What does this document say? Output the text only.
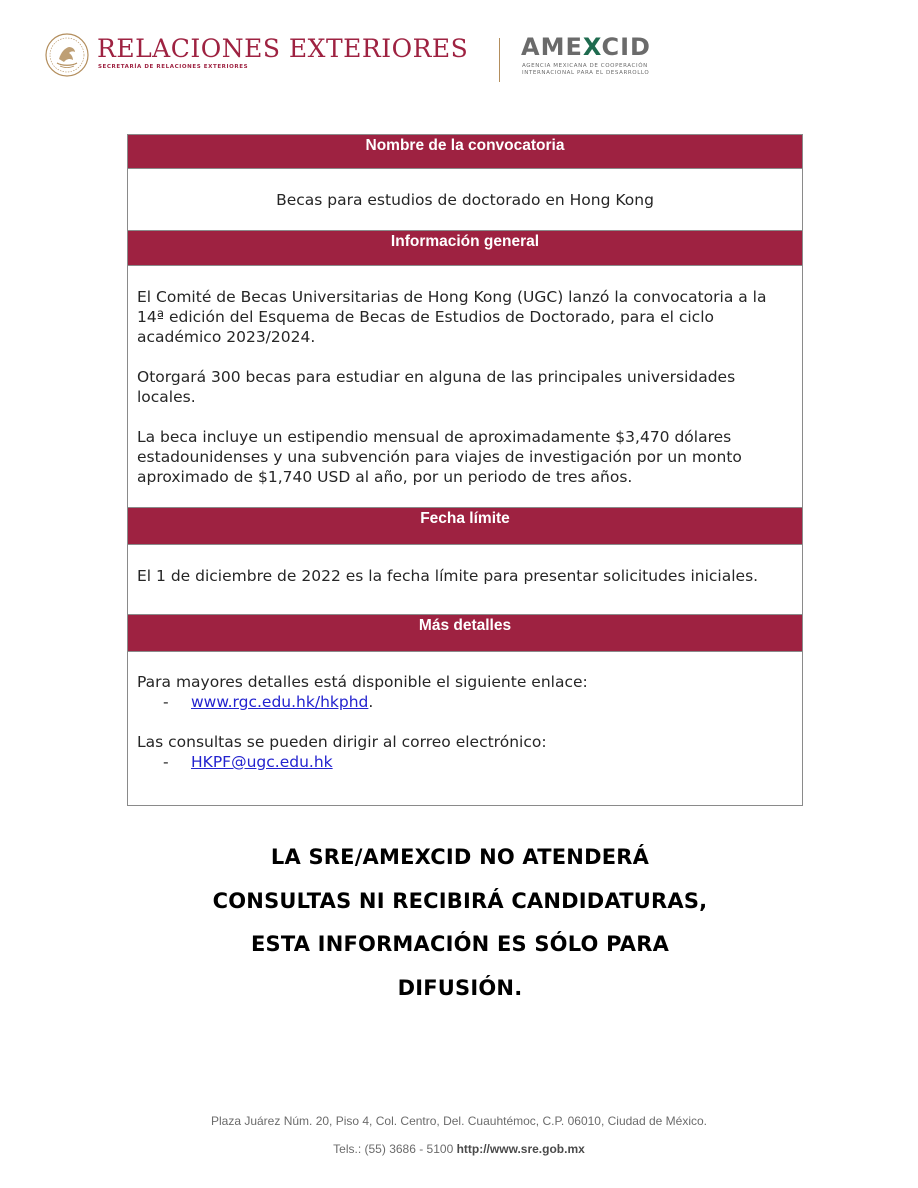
RELACIONES EXTERIORES
SECRETARÍA DE RELACIONES EXTERIORES
AMEXCID
AGENCIA MEXICANA DE COOPERACIÓN
INTERNACIONAL PARA EL DESARROLLO
Nombre de la convocatoria
Becas para estudios de doctorado en Hong Kong
Información general

El Comité de Becas Universitarias de Hong Kong (UGC) lanzó la convocatoria a la 14ª edición del Esquema de Becas de Estudios de Doctorado, para el ciclo académico 2023/2024.

Otorgará 300 becas para estudiar en alguna de las principales universidades locales.

La beca incluye un estipendio mensual de aproximadamente $3,470 dólares estadounidenses y una subvención para viajes de investigación por un monto aproximado de $1,740 USD al año, por un periodo de tres años.

Fecha límite
El 1 de diciembre de 2022 es la fecha límite para presentar solicitudes iniciales.
Más detalles

Para mayores detalles está disponible el siguiente enlace:

-	www.rgc.edu.hk/hkphd.

Las consultas se pueden dirigir al correo electrónico:

-	HKPF@ugc.edu.hk
LA SRE/AMEXCID NO ATENDERÁ
CONSULTAS NI RECIBIRÁ CANDIDATURAS,
ESTA INFORMACIÓN ES SÓLO PARA
DIFUSIÓN.
Plaza Juárez Núm. 20, Piso 4, Col. Centro, Del. Cuauhtémoc, C.P. 06010, Ciudad de México.
Tels.: (55) 3686 - 5100 http://www.sre.gob.mx
